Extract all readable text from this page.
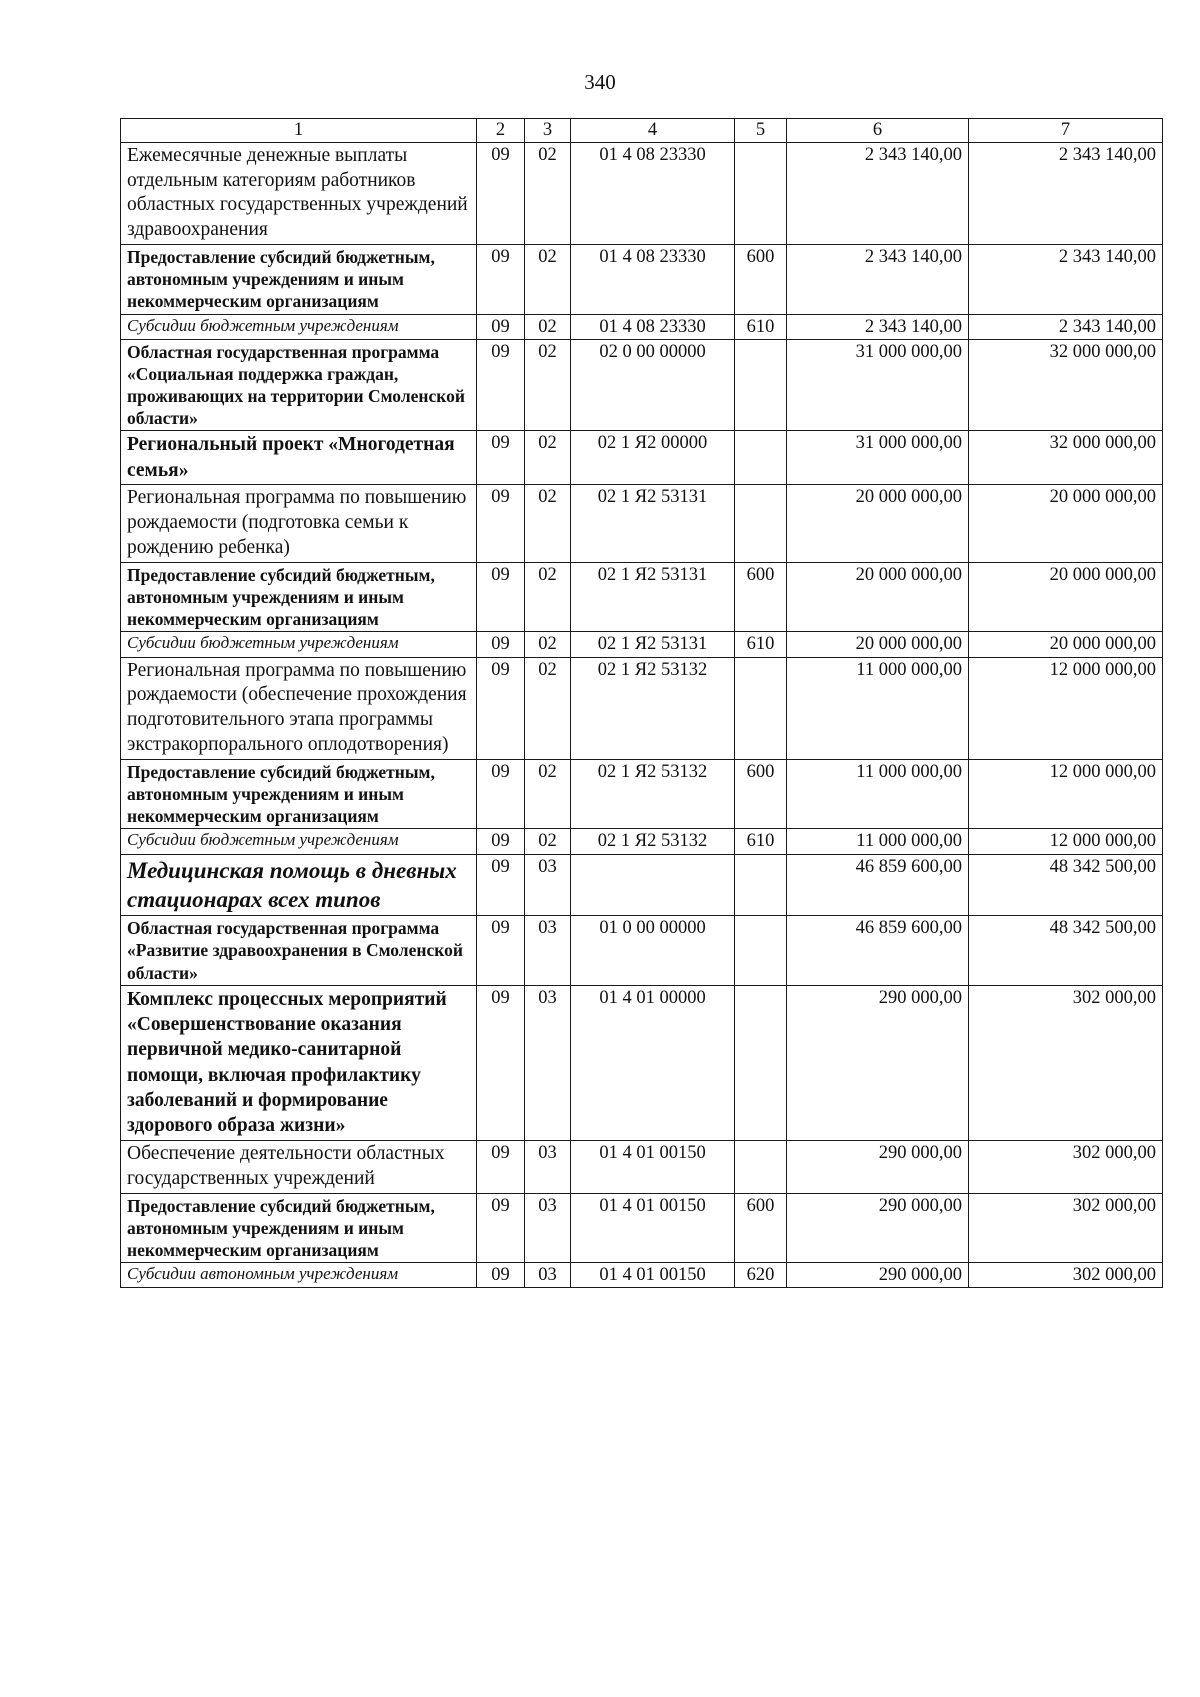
340
1	2	3	4	5	6	7
Ежемесячные денежные выплаты отдельным категориям работников областных государственных учреждений здравоохранения	09	02	01 4 08 23330		2 343 140,00	2 343 140,00
Предоставление субсидий бюджетным, автономным учреждениям и иным некоммерческим организациям	09	02	01 4 08 23330	600	2 343 140,00	2 343 140,00
Субсидии бюджетным учреждениям	09	02	01 4 08 23330	610	2 343 140,00	2 343 140,00
Областная государственная программа «Социальная поддержка граждан, проживающих на территории Смоленской области»	09	02	02 0 00 00000		31 000 000,00	32 000 000,00
Региональный проект «Многодетная семья»	09	02	02 1 Я2 00000		31 000 000,00	32 000 000,00
Региональная программа по повышению рождаемости (подготовка семьи к рождению ребенка)	09	02	02 1 Я2 53131		20 000 000,00	20 000 000,00
Предоставление субсидий бюджетным, автономным учреждениям и иным некоммерческим организациям	09	02	02 1 Я2 53131	600	20 000 000,00	20 000 000,00
Субсидии бюджетным учреждениям	09	02	02 1 Я2 53131	610	20 000 000,00	20 000 000,00
Региональная программа по повышению рождаемости (обеспечение прохождения подготовительного этапа программы экстракорпорального оплодотворения)	09	02	02 1 Я2 53132		11 000 000,00	12 000 000,00
Предоставление субсидий бюджетным, автономным учреждениям и иным некоммерческим организациям	09	02	02 1 Я2 53132	600	11 000 000,00	12 000 000,00
Субсидии бюджетным учреждениям	09	02	02 1 Я2 53132	610	11 000 000,00	12 000 000,00
Медицинская помощь в дневных стационарах всех типов	09	03			46 859 600,00	48 342 500,00
Областная государственная программа «Развитие здравоохранения в Смоленской области»	09	03	01 0 00 00000		46 859 600,00	48 342 500,00
Комплекс процессных мероприятий «Совершенствование оказания первичной медико-санитарной помощи, включая профилактику заболеваний и формирование здорового образа жизни»	09	03	01 4 01 00000		290 000,00	302 000,00
Обеспечение деятельности областных государственных учреждений	09	03	01 4 01 00150		290 000,00	302 000,00
Предоставление субсидий бюджетным, автономным учреждениям и иным некоммерческим организациям	09	03	01 4 01 00150	600	290 000,00	302 000,00
Субсидии автономным учреждениям	09	03	01 4 01 00150	620	290 000,00	302 000,00
